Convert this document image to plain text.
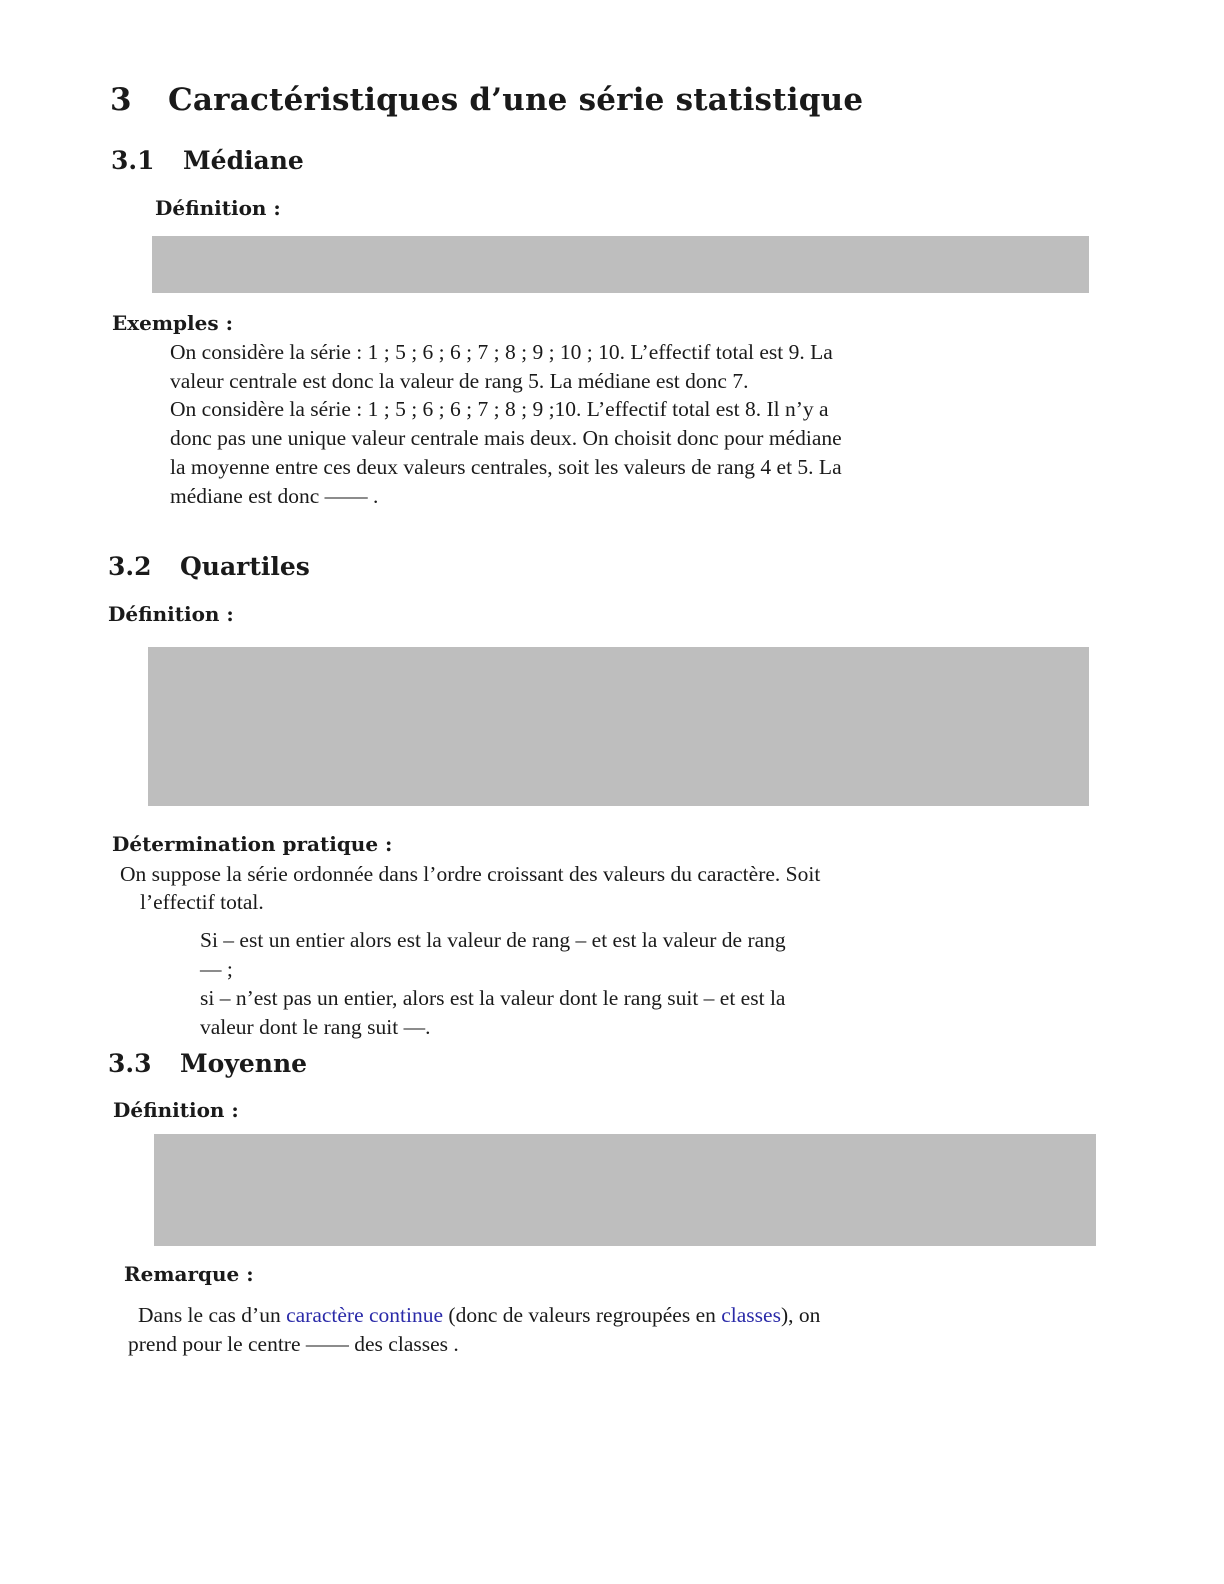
3 Caractéristiques d’une série statistique
3.1 Médiane
Définition :
Exemples :
On considère la série : 1 ; 5 ; 6 ; 6 ; 7 ; 8 ; 9 ; 10 ; 10. L’effectif total est 9. La
valeur centrale est donc la valeur de rang 5. La médiane est donc 7.
On considère la série : 1 ; 5 ; 6 ; 6 ; 7 ; 8 ; 9 ;10. L’effectif total est 8. Il n’y a
donc pas une unique valeur centrale mais deux. On choisit donc pour médiane
la moyenne entre ces deux valeurs centrales, soit les valeurs de rang 4 et 5. La
médiane est donc —— .
3.2 Quartiles
Définition :
Détermination pratique :
On suppose la série ordonnée dans l’ordre croissant des valeurs du caractère. Soit
l’effectif total.
Si – est un entier alors est la valeur de rang – et est la valeur de rang
— ;
si – n’est pas un entier, alors est la valeur dont le rang suit – et est la
valeur dont le rang suit —.
3.3 Moyenne
Définition :
Remarque :
Dans le cas d’un caractère continue (donc de valeurs regroupées en classes), on
prend pour le centre —— des classes .
